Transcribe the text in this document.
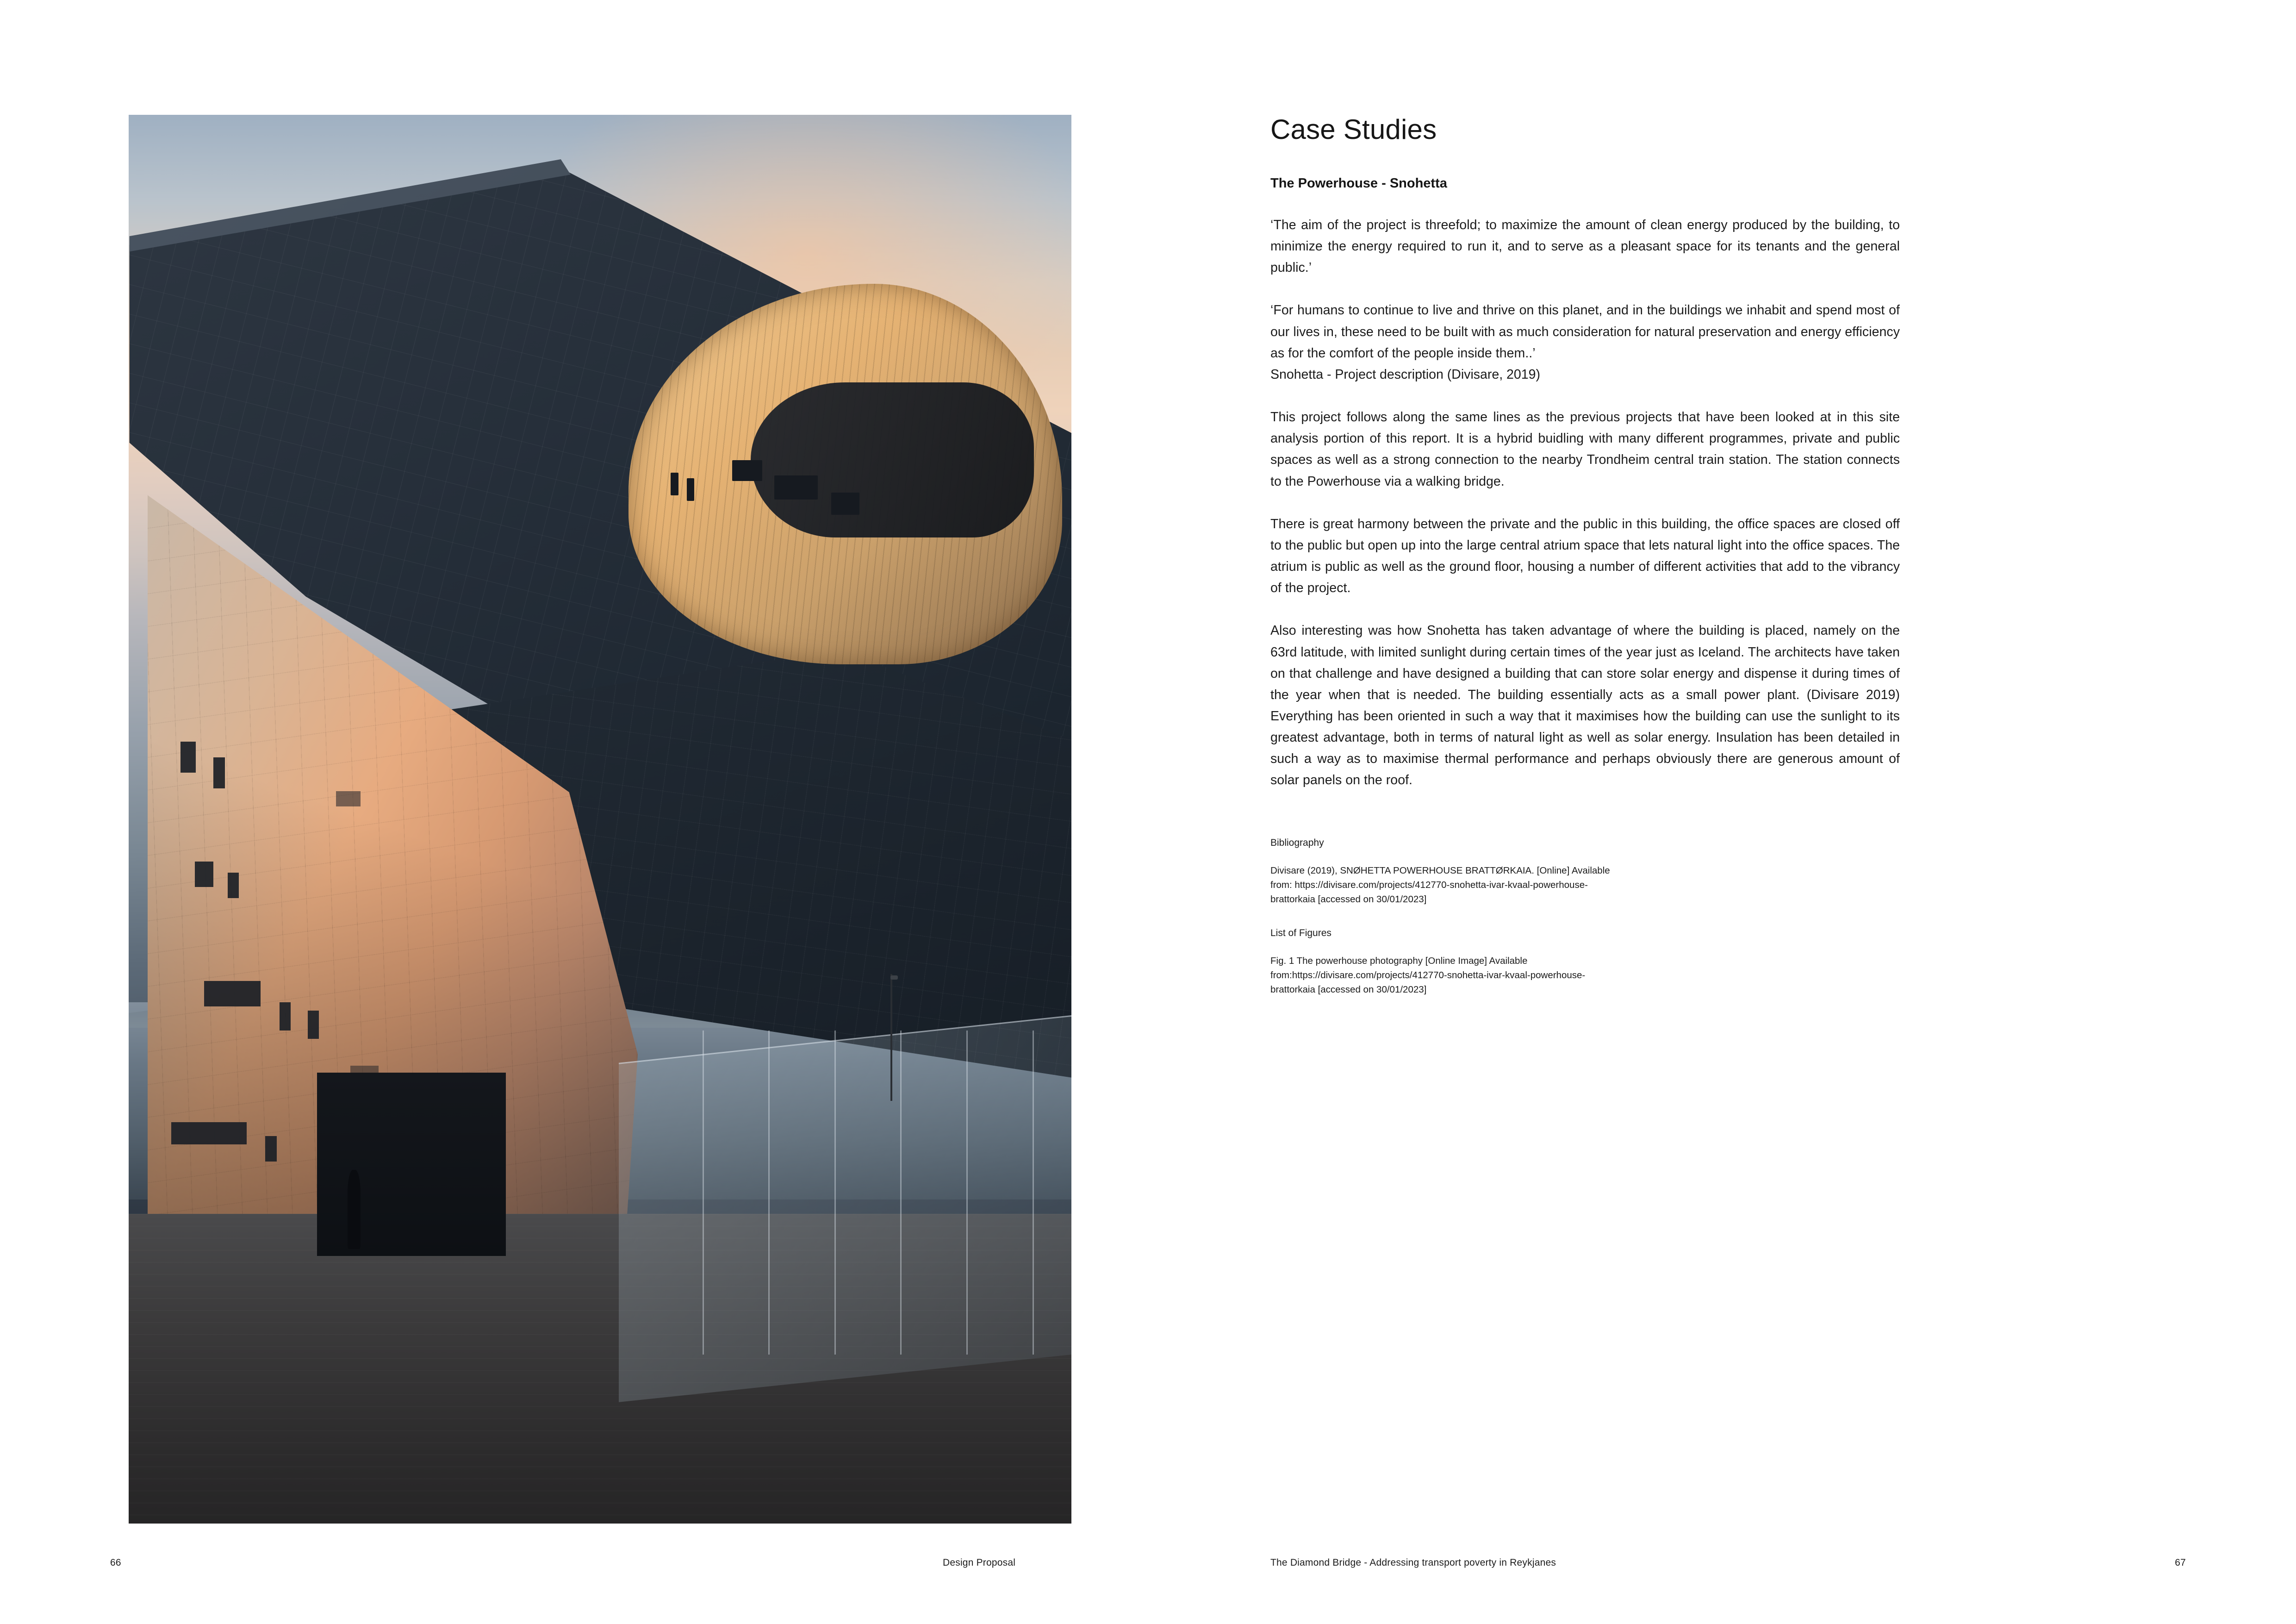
Case Studies
The Powerhouse - Snohetta

‘The aim of the project is threefold; to maximize the amount of clean energy produced by the building, to minimize the energy required to run it, and to serve as a pleasant space for its tenants and the general public.’

‘For humans to continue to live and thrive on this planet, and in the buildings we inhabit and spend most of our lives in, these need to be built with as much consideration for natural preservation and energy efficiency as for the comfort of the people inside them..’

Snohetta - Project description (Divisare, 2019)

This project follows along the same lines as the previous projects that have been looked at in this site analysis portion of this report. It is a hybrid buidling with many different programmes, private and public spaces as well as a strong connection to the nearby Trondheim central train station. The station connects to the Powerhouse via a walking bridge.

There is great harmony between the private and the public in this building, the office spaces are closed off to the public but open up into the large central atrium space that lets natural light into the office spaces. The atrium is public as well as the ground floor, housing a number of different activities that add to the vibrancy of the project.

Also interesting was how Snohetta has taken advantage of where the building is placed, namely on the 63rd latitude, with limited sunlight during certain times of the year just as Iceland. The architects have taken on that challenge and have designed a building that can store solar energy and dispense it during times of the year when that is needed. The building essentially acts as a small power plant. (Divisare 2019) Everything has been oriented in such a way that it maximises how the building can use the sunlight to its greatest advantage, both in terms of natural light as well as solar energy. Insulation has been detailed in such a way as to maximise thermal performance and perhaps obviously there are generous amount of solar panels on the roof.

Bibliography

Divisare (2019), SNØHETTA POWERHOUSE BRATTØRKAIA. [Online] Available from: https://divisare.com/projects/412770-snohetta-ivar-kvaal-powerhouse-brattorkaia [accessed on 30/01/2023]

List of Figures

Fig. 1 The powerhouse photography [Online Image] Available from:https://divisare.com/projects/412770-snohetta-ivar-kvaal-powerhouse-brattorkaia [accessed on 30/01/2023]

66	Design Proposal	The Diamond Bridge - Addressing transport poverty in Reykjanes	67
